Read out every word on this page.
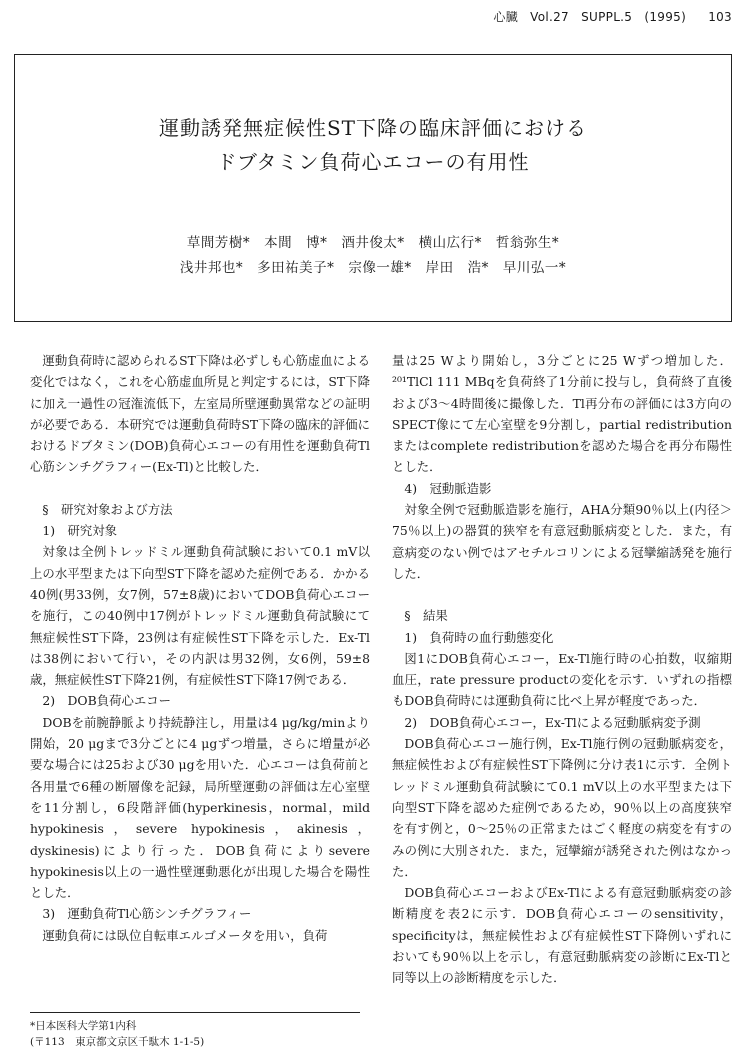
心臓 Vol.27 SUPPL.5 (1995) 103
運動誘発無症候性ST下降の臨床評価における
ドブタミン負荷心エコーの有用性
草間芳樹*　本間　博*　酒井俊太*　横山広行*　哲翁弥生*
浅井邦也*　多田祐美子*　宗像一雄*　岸田　浩*　早川弘一*

運動負荷時に認められるST下降は必ずしも心筋虚血による変化ではなく，これを心筋虚血所見と判定するには，ST下降に加え一過性の冠潅流低下，左室局所壁運動異常などの証明が必要である．本研究では運動負荷時ST下降の臨床的評価におけるドブタミン(DOB)負荷心エコーの有用性を運動負荷Tl心筋シンチグラフィー(Ex-Tl)と比較した．

§　研究対象および方法

1)　研究対象

対象は全例トレッドミル運動負荷試験において0.1 mV以上の水平型または下向型ST下降を認めた症例である．かかる40例(男33例，女7例，57±8歳)においてDOB負荷心エコーを施行，この40例中17例がトレッドミル運動負荷試験にて無症候性ST下降，23例は有症候性ST下降を示した．Ex-Tlは38例において行い，その内訳は男32例，女6例，59±8歳，無症候性ST下降21例，有症候性ST下降17例である．

2)　DOB負荷心エコー

DOBを前腕静脈より持続静注し，用量は4 μg/kg/minより開始，20 μgまで3分ごとに4 μgずつ増量，さらに増量が必要な場合には25および30 μgを用いた．心エコーは負荷前と各用量で6種の断層像を記録，局所壁運動の評価は左心室壁を11分割し，6段階評価(hyperkinesis，normal，mild hypokinesis，severe hypokinesis，akinesis，dyskinesis)により行った．DOB負荷によりsevere hypokinesis以上の一過性壁運動悪化が出現した場合を陽性とした．

3)　運動負荷Tl心筋シンチグラフィー

運動負荷には臥位自転車エルゴメータを用い，負荷

量は25 Wより開始し，3分ごとに25 Wずつ増加した．²⁰¹TlCl 111 MBqを負荷終了1分前に投与し，負荷終了直後および3～4時間後に撮像した．Tl再分布の評価には3方向のSPECT像にて左心室壁を9分割し，partial redistributionまたはcomplete redistributionを認めた場合を再分布陽性とした．

4)　冠動脈造影

対象全例で冠動脈造影を施行，AHA分類90％以上(内径＞75％以上)の器質的狭窄を有意冠動脈病変とした．また，有意病変のない例ではアセチルコリンによる冠攣縮誘発を施行した．

§　結果

1)　負荷時の血行動態変化

図1にDOB負荷心エコー，Ex-Tl施行時の心拍数，収縮期血圧，rate pressure productの変化を示す．いずれの指標もDOB負荷時には運動負荷に比べ上昇が軽度であった．

2)　DOB負荷心エコー，Ex-Tlによる冠動脈病変予測

DOB負荷心エコー施行例，Ex-Tl施行例の冠動脈病変を，無症候性および有症候性ST下降例に分け表1に示す．全例トレッドミル運動負荷試験にて0.1 mV以上の水平型または下向型ST下降を認めた症例であるため，90％以上の高度狭窄を有す例と，0～25％の正常またはごく軽度の病変を有すのみの例に大別された．また，冠攣縮が誘発された例はなかった．

DOB負荷心エコーおよびEx-Tlによる有意冠動脈病変の診断精度を表2に示す．DOB負荷心エコーのsensitivity，specificityは，無症候性および有症候性ST下降例いずれにおいても90％以上を示し，有意冠動脈病変の診断にEx-Tlと同等以上の診断精度を示した．

*日本医科大学第1内科
(〒113　東京都文京区千駄木 1-1-5)
